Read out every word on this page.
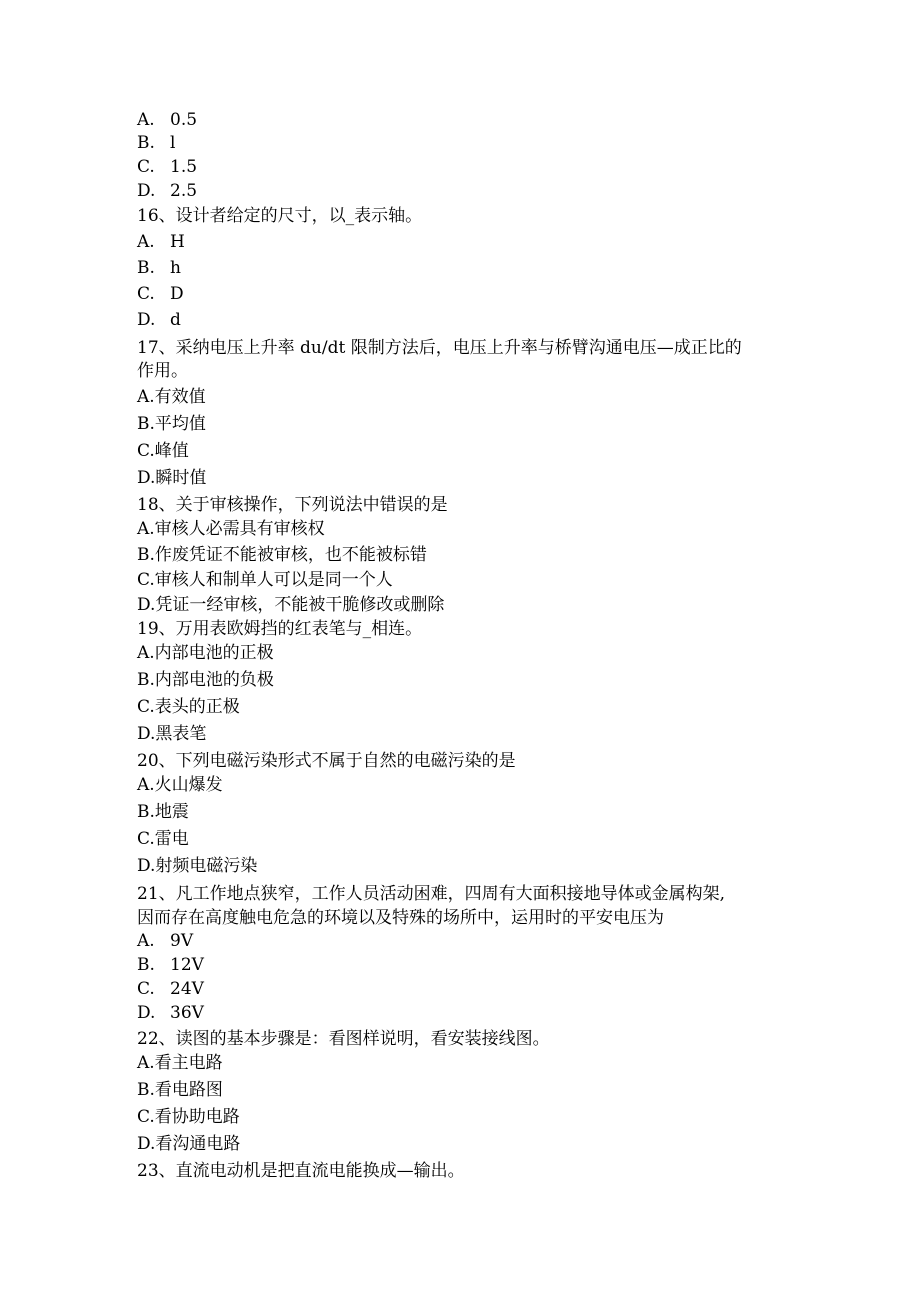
A. 0.5
B. l
C. 1.5
D. 2.5
16、设计者给定的尺寸，以_表示轴。
A. H
B. h
C. D
D. d
17、采纳电压上升率 du/dt 限制方法后，电压上升率与桥臂沟通电压—成正比的
作用。
A.有效值
B.平均值
C.峰值
D.瞬时值
18、关于审核操作，下列说法中错误的是
A.审核人必需具有审核权
B.作废凭证不能被审核，也不能被标错
C.审核人和制单人可以是同一个人
D.凭证一经审核，不能被干脆修改或删除
19、万用表欧姆挡的红表笔与_相连。
A.内部电池的正极
B.内部电池的负极
C.表头的正极
D.黑表笔
20、下列电磁污染形式不属于自然的电磁污染的是
A.火山爆发
B.地震
C.雷电
D.射频电磁污染
21、凡工作地点狭窄，工作人员活动困难，四周有大面积接地导体或金属构架,
因而存在高度触电危急的环境以及特殊的场所中，运用时的平安电压为
A. 9V
B. 12V
C. 24V
D. 36V
22、读图的基本步骤是：看图样说明，看安装接线图。
A.看主电路
B.看电路图
C.看协助电路
D.看沟通电路
23、直流电动机是把直流电能换成—输出。
